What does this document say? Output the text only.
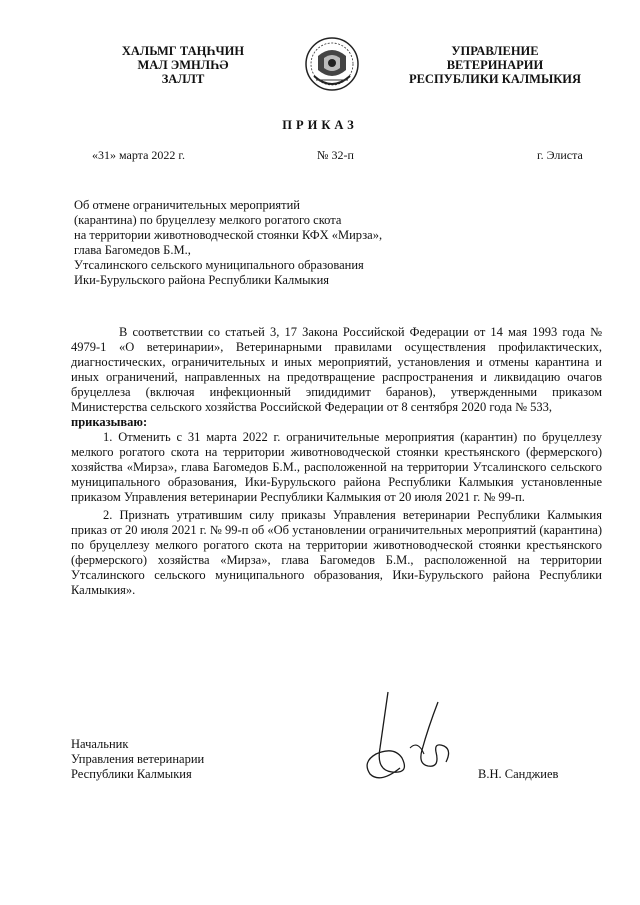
ХАЛЬМГ ТАҢҺЧИН
МАЛ ЭМНЛҺӘ
ЗАЛЛТ
УПРАВЛЕНИЕ
ВЕТЕРИНАРИИ
РЕСПУБЛИКИ КАЛМЫКИЯ
ПРИКАЗ
«31» марта 2022 г.	№ 32-п	г. Элиста
Об отмене ограничительных мероприятий
(карантина) по бруцеллезу мелкого рогатого скота
на территории животноводческой стоянки КФХ «Мирза»,
глава Багомедов Б.М.,
Утсалинского сельского муниципального образования
Ики-Бурульского района Республики Калмыкия

В соответствии со статьей 3, 17 Закона Российской Федерации от 14 мая 1993 года № 4979-1 «О ветеринарии», Ветеринарными правилами осуществления профилактических, диагностических, ограничительных и иных мероприятий, установления и отмены карантина и иных ограничений, направленных на предотвращение распространения и ликвидацию очагов бруцеллеза (включая инфекционный эпидидимит баранов), утвержденными приказом Министерства сельского хозяйства Российской Федерации от 8 сентября 2020 года № 533,

приказываю:

1. Отменить с 31 марта 2022 г. ограничительные мероприятия (карантин) по бруцеллезу мелкого рогатого скота на территории животноводческой стоянки крестьянского (фермерского) хозяйства «Мирза», глава Багомедов Б.М., расположенной на территории Утсалинского сельского муниципального образования, Ики-Бурульского района Республики Калмыкия установленные приказом Управления ветеринарии Республики Калмыкия от 20 июля 2021 г. № 99-п.

2. Признать утратившим силу приказы Управления ветеринарии Республики Калмыкия приказ от 20 июля 2021 г. № 99-п об «Об установлении ограничительных мероприятий (карантина) по бруцеллезу мелкого рогатого скота на территории животноводческой стоянки крестьянского (фермерского) хозяйства «Мирза», глава Багомедов Б.М., расположенной на территории Утсалинского сельского муниципального образования, Ики-Бурульского района Республики Калмыкия».

Начальник
Управления ветеринарии
Республики Калмыкия	В.Н. Санджиев
